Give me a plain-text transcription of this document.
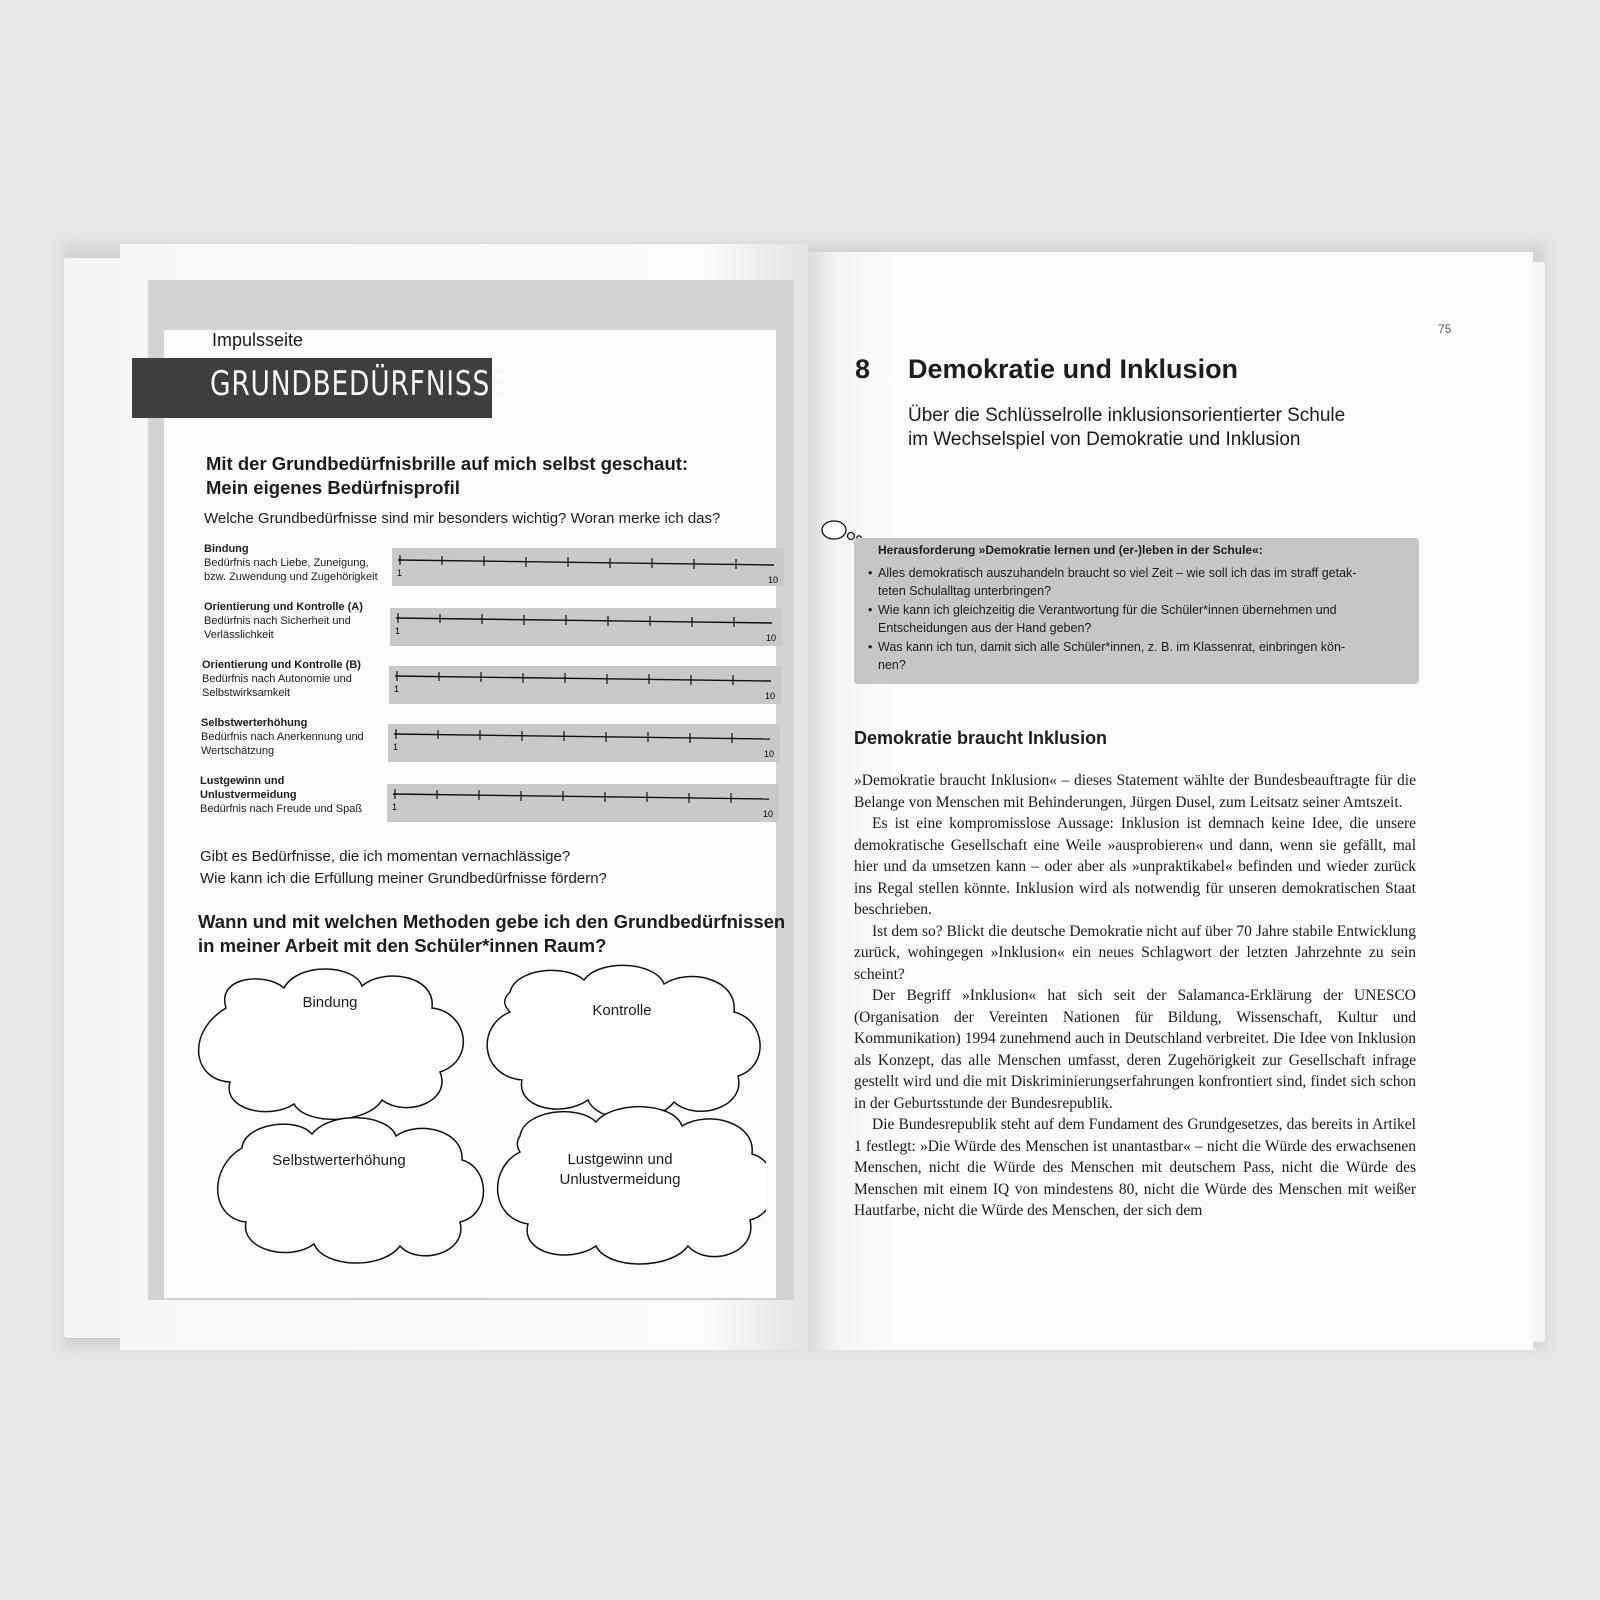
Impulsseite
GRUNDBEDÜRFNISSE
Mit der Grundbedürfnisbrille auf mich selbst geschaut:
Mein eigenes Bedürfnisprofil
Welche Grundbedürfnisse sind mir besonders wichtig? Woran merke ich das?
Bindung
Bedürfnis nach Liebe, Zuneigung,
bzw. Zuwendung und Zugehörigkeit	1
10
Orientierung und Kontrolle (A)
Bedürfnis nach Sicherheit und
Verlässlichkeit	1
10
Orientierung und Kontrolle (B)
Bedürfnis nach Autonomie und
Selbstwirksamkeit	1
10
Selbstwerterhöhung
Bedürfnis nach Anerkennung und
Wertschätzung	1
10
Lustgewinn und
Unlustvermeidung
Bedürfnis nach Freude und Spaß	1
10
Gibt es Bedürfnisse, die ich momentan vernachlässige?
Wie kann ich die Erfüllung meiner Grundbedürfnisse fördern?
Wann und mit welchen Methoden gebe ich den Grundbedürfnissen
in meiner Arbeit mit den Schüler*innen Raum?
Bindung	Kontrolle
Selbstwerterhöhung	Lustgewinn und
Unlustvermeidung
75
8 Demokratie und Inklusion
Über die Schlüsselrolle inklusionsorientierter Schule
im Wechselspiel von Demokratie und Inklusion
Herausforderung »Demokratie lernen und (er-)leben in der Schule«:
• Alles demokratisch auszuhandeln braucht so viel Zeit – wie soll ich das im straff getak-
teten Schulalltag unterbringen?
• Wie kann ich gleichzeitig die Verantwortung für die Schüler*innen übernehmen und
Entscheidungen aus der Hand geben?
• Was kann ich tun, damit sich alle Schüler*innen, z. B. im Klassenrat, einbringen kön-
nen?
Demokratie braucht Inklusion

»Demokratie braucht Inklusion« – dieses Statement wählte der Bundesbeauftragte für die Belange von Menschen mit Behinderungen, Jürgen Dusel, zum Leitsatz seiner Amtszeit.

Es ist eine kompromisslose Aussage: Inklusion ist demnach keine Idee, die unsere demokratische Gesellschaft eine Weile »ausprobieren« und dann, wenn sie gefällt, mal hier und da umsetzen kann – oder aber als »unpraktikabel« befinden und wieder zurück ins Regal stellen könnte. Inklusion wird als notwendig für unseren demokratischen Staat beschrieben.

Ist dem so? Blickt die deutsche Demokratie nicht auf über 70 Jahre stabile Entwicklung zurück, wohingegen »Inklusion« ein neues Schlagwort der letzten Jahrzehnte zu sein scheint?

Der Begriff »Inklusion« hat sich seit der Salamanca-Erklärung der UNESCO (Organisation der Vereinten Nationen für Bildung, Wissenschaft, Kultur und Kommunikation) 1994 zunehmend auch in Deutschland verbreitet. Die Idee von Inklusion als Konzept, das alle Menschen umfasst, deren Zugehörigkeit zur Gesellschaft infrage gestellt wird und die mit Diskriminierungserfahrungen konfrontiert sind, findet sich schon in der Geburtsstunde der Bundesrepublik.

Die Bundesrepublik steht auf dem Fundament des Grundgesetzes, das bereits in Artikel 1 festlegt: »Die Würde des Menschen ist unantastbar« – nicht die Würde des erwachsenen Menschen, nicht die Würde des Menschen mit deutschem Pass, nicht die Würde des Menschen mit einem IQ von mindestens 80, nicht die Würde des Menschen mit weißer Hautfarbe, nicht die Würde des Menschen, der sich dem
